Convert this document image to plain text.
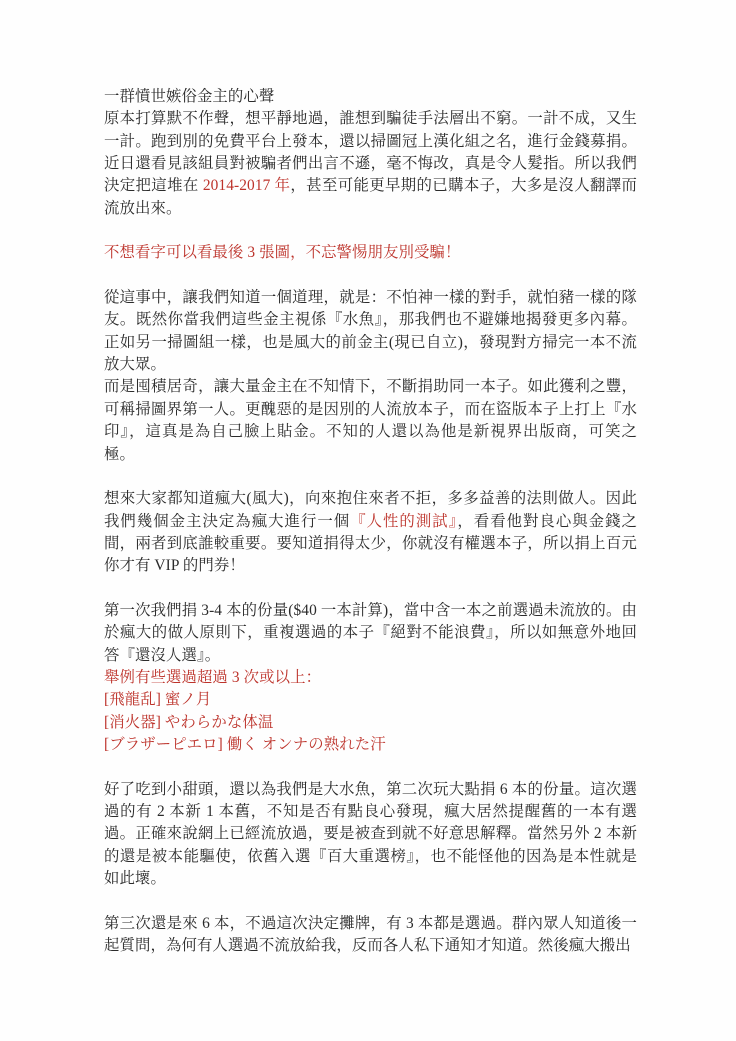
一群憤世嫉俗金主的心聲

原本打算默不作聲，想平靜地過，誰想到騙徒手法層出不窮。一計不成，又生一計。跑到別的免費平台上發本，還以掃圖冠上漢化組之名，進行金錢募捐。近日還看見該組員對被騙者們出言不遜，毫不悔改，真是令人髮指。所以我們決定把這堆在 2014-2017 年，甚至可能更早期的已購本子，大多是沒人翻譯而流放出來。

不想看字可以看最後 3 張圖，不忘警惕朋友別受騙！

從這事中，讓我們知道一個道理，就是：不怕神一樣的對手，就怕豬一樣的隊友。既然你當我們這些金主視係『水魚』，那我們也不避嫌地揭發更多內幕。正如另一掃圖組一樣，也是風大的前金主(現已自立)，發現對方掃完一本不流放大眾。

而是囤積居奇，讓大量金主在不知情下，不斷捐助同一本子。如此獲利之豐，可稱掃圖界第一人。更醜惡的是因別的人流放本子，而在盜版本子上打上『水印』，這真是為自己臉上貼金。不知的人還以為他是新視界出版商，可笑之極。

想來大家都知道瘋大(風大)，向來抱住來者不拒，多多益善的法則做人。因此我們幾個金主決定為瘋大進行一個『人性的測試』，看看他對良心與金錢之間，兩者到底誰較重要。要知道捐得太少，你就沒有權選本子，所以捐上百元你才有 VIP 的門券！

第一次我們捐 3-4 本的份量($40 一本計算)，當中含一本之前選過未流放的。由於瘋大的做人原則下，重複選過的本子『絕對不能浪費』，所以如無意外地回答『還沒人選』。

舉例有些選過超過 3 次或以上：

[飛龍乱] 蜜ノ月

[消火器] やわらかな体温

[ブラザーピエロ] 働く オンナの熟れた汗

好了吃到小甜頭，還以為我們是大水魚，第二次玩大點捐 6 本的份量。這次選過的有 2 本新 1 本舊，不知是否有點良心發現，瘋大居然提醒舊的一本有選過。正確來說網上已經流放過，要是被查到就不好意思解釋。當然另外 2 本新的還是被本能驅使，依舊入選『百大重選榜』，也不能怪他的因為是本性就是如此壞。

第三次還是來 6 本，不過這次決定攤牌，有 3 本都是選過。群內眾人知道後一起質問，為何有人選過不流放給我，反而各人私下通知才知道。然後瘋大搬出
